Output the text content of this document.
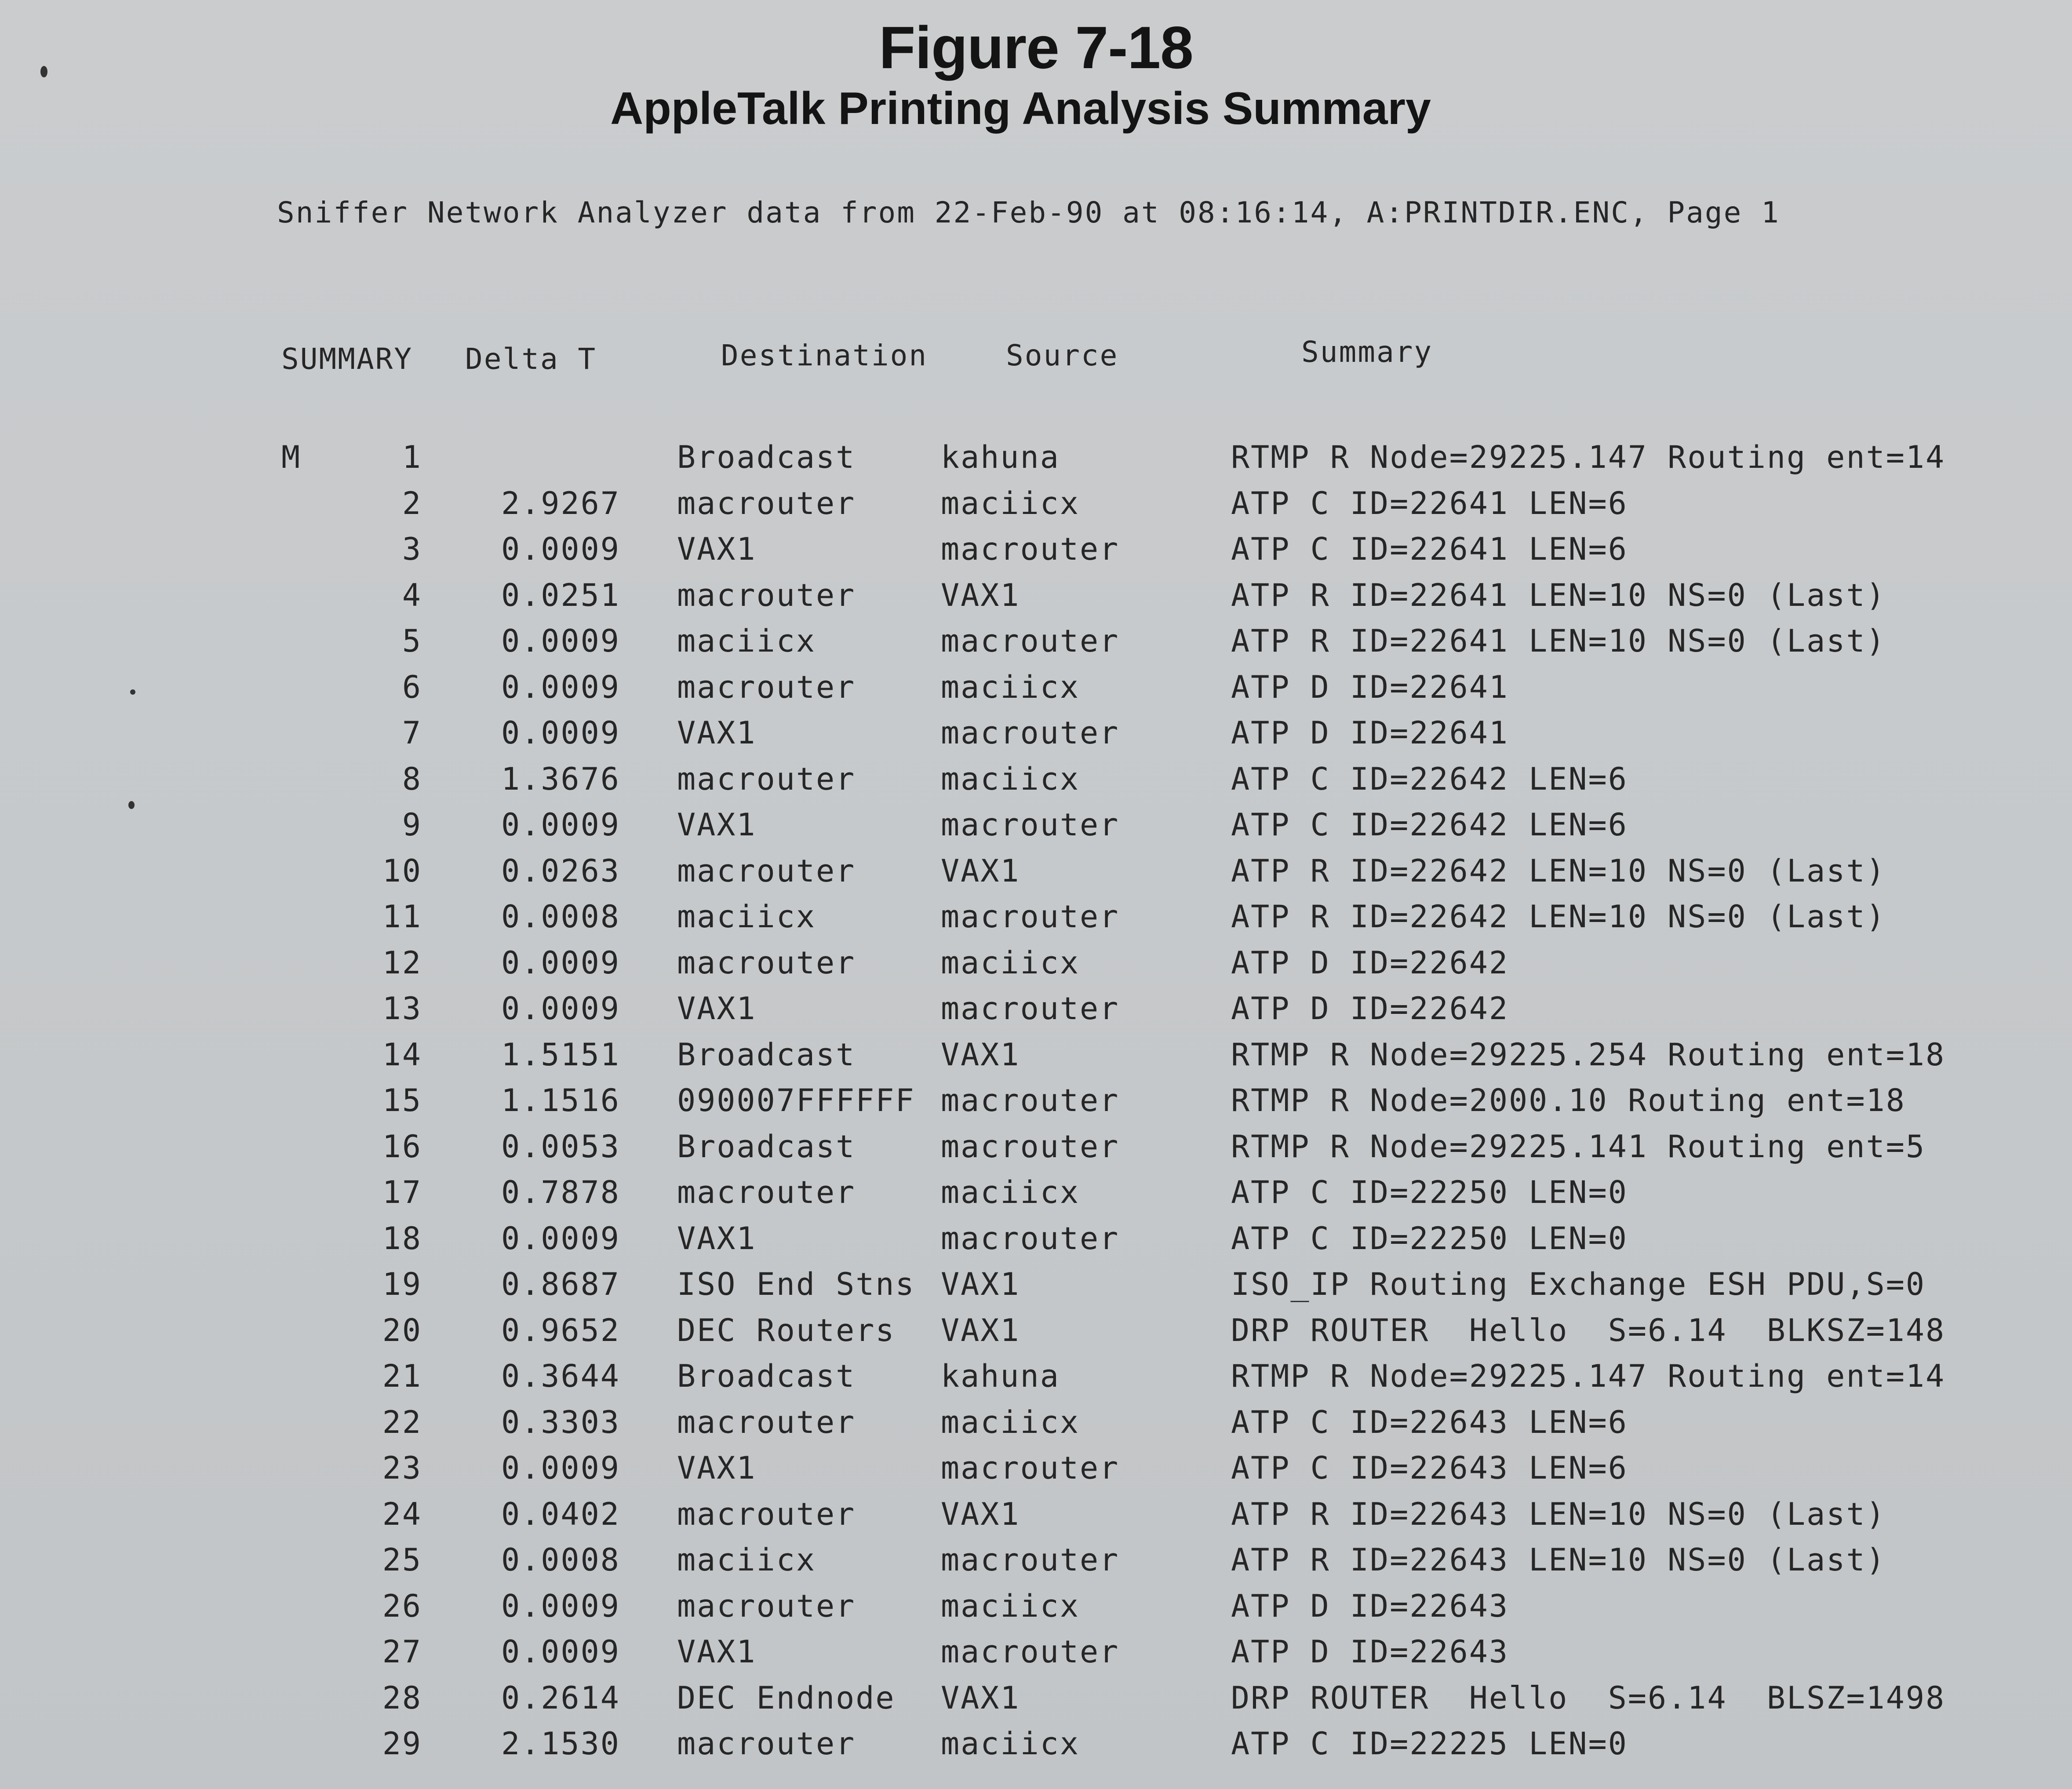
Figure 7-18
AppleTalk Printing Analysis Summary
Sniffer Network Analyzer data from 22-Feb-90 at 08:16:14, A:PRINTDIR.ENC, Page 1
SUMMARY Delta T	Destination	Source	Summary
M	1	Broadcast	kahuna	RTMP R Node=29225.147 Routing ent=14
2	2.9267 macrouter	maciicx	ATP C ID=22641 LEN=6
3	0.0009 VAX1	macrouter	ATP C ID=22641 LEN=6
4	0.0251 macrouter	VAX1	ATP R ID=22641 LEN=10 NS=0 (Last)
5	0.0009 maciicx	macrouter	ATP R ID=22641 LEN=10 NS=0 (Last)
6	0.0009 macrouter	maciicx	ATP D ID=22641
7	0.0009 VAX1	macrouter	ATP D ID=22641
8	1.3676 macrouter	maciicx	ATP C ID=22642 LEN=6
9	0.0009 VAX1	macrouter	ATP C ID=22642 LEN=6
10	0.0263 macrouter	VAX1	ATP R ID=22642 LEN=10 NS=0 (Last)
11	0.0008 maciicx	macrouter	ATP R ID=22642 LEN=10 NS=0 (Last)
12	0.0009 macrouter	maciicx	ATP D ID=22642
13	0.0009 VAX1	macrouter	ATP D ID=22642
14	1.5151 Broadcast	VAX1	RTMP R Node=29225.254 Routing ent=18
15	1.1516 090007FFFFFF macrouter	RTMP R Node=2000.10 Routing ent=18
16	0.0053 Broadcast	macrouter	RTMP R Node=29225.141 Routing ent=5
17	0.7878 macrouter	maciicx	ATP C ID=22250 LEN=0
18	0.0009 VAX1	macrouter	ATP C ID=22250 LEN=0
19	0.8687 ISO End Stns VAX1	ISO_IP Routing Exchange ESH PDU,S=0
20	0.9652 DEC Routers VAX1	DRP ROUTER  Hello  S=6.14  BLKSZ=148
21	0.3644 Broadcast	kahuna	RTMP R Node=29225.147 Routing ent=14
22	0.3303 macrouter	maciicx	ATP C ID=22643 LEN=6
23	0.0009 VAX1	macrouter	ATP C ID=22643 LEN=6
24	0.0402 macrouter	VAX1	ATP R ID=22643 LEN=10 NS=0 (Last)
25	0.0008 maciicx	macrouter	ATP R ID=22643 LEN=10 NS=0 (Last)
26	0.0009 macrouter	maciicx	ATP D ID=22643
27	0.0009 VAX1	macrouter	ATP D ID=22643
28	0.2614 DEC Endnode VAX1	DRP ROUTER  Hello  S=6.14  BLSZ=1498
29	2.1530 macrouter	maciicx	ATP C ID=22225 LEN=0
